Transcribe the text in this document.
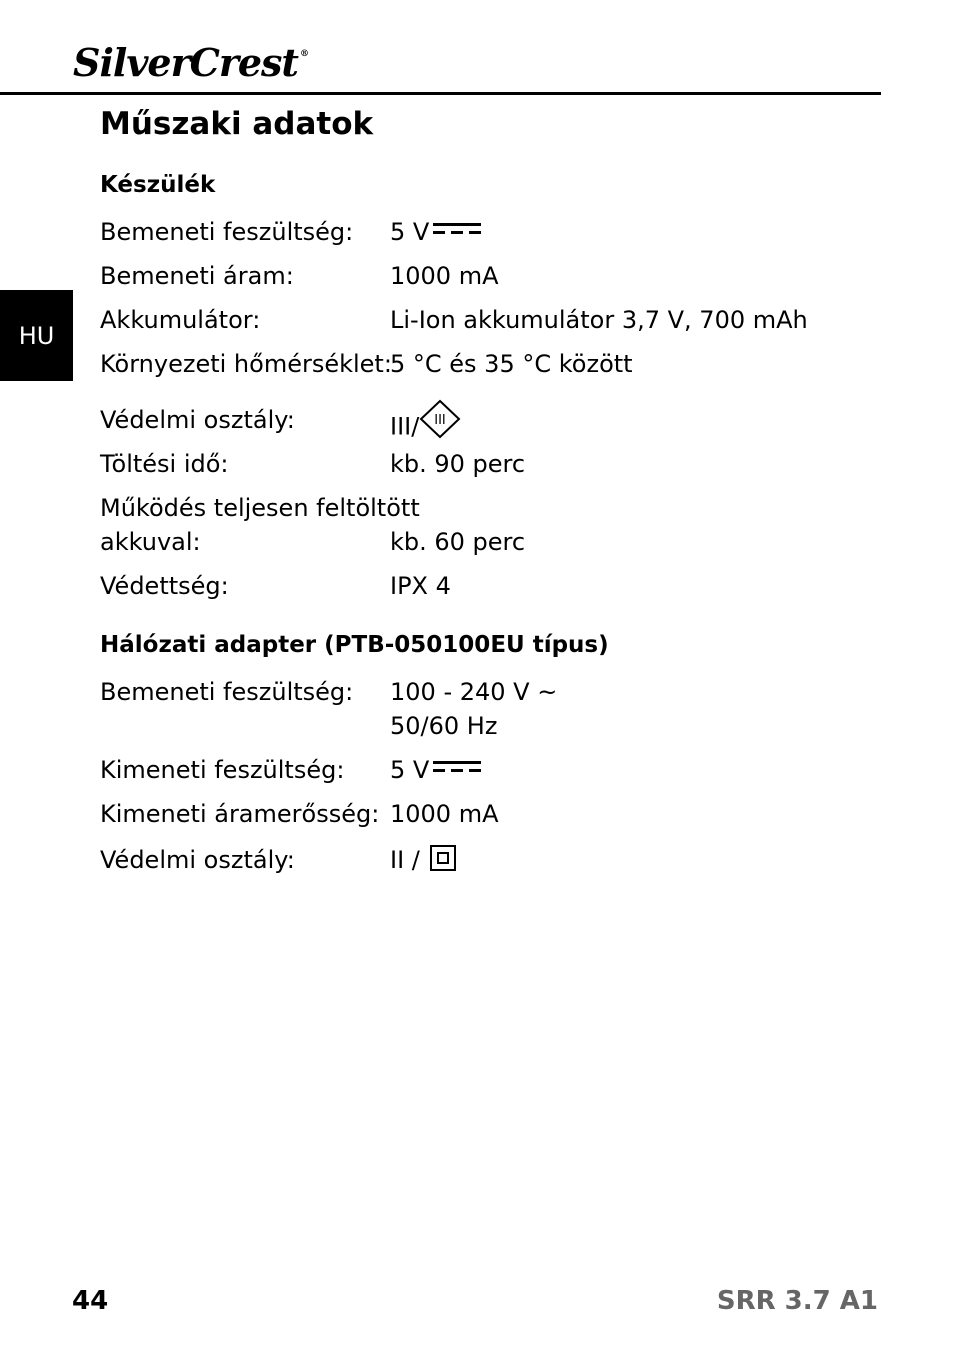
SilverCrest ®
HU
Műszaki adatok
Készülék
Bemeneti feszültség: 5 V
Bemeneti áram:	1000 mA
Akkumulátor:	Li-Ion akkumulátor 3,7 V, 700 mAh
Környezeti hőmérséklet:
5 °C és 35 °C között
Védelmi osztály:	III/ III
Töltési idő:	kb. 90 perc
Működés teljesen feltöltött
akkuval:	kb. 60 perc
Védettség:	IPX 4
Hálózati adapter (PTB-050100EU típus)
Bemeneti feszültség: 100 - 240 V ~
50/60 Hz
Kimeneti feszültség: 5 V
Kimeneti áramerősség: 1000 mA
Védelmi osztály:	II /
44	SRR 3.7 A1
